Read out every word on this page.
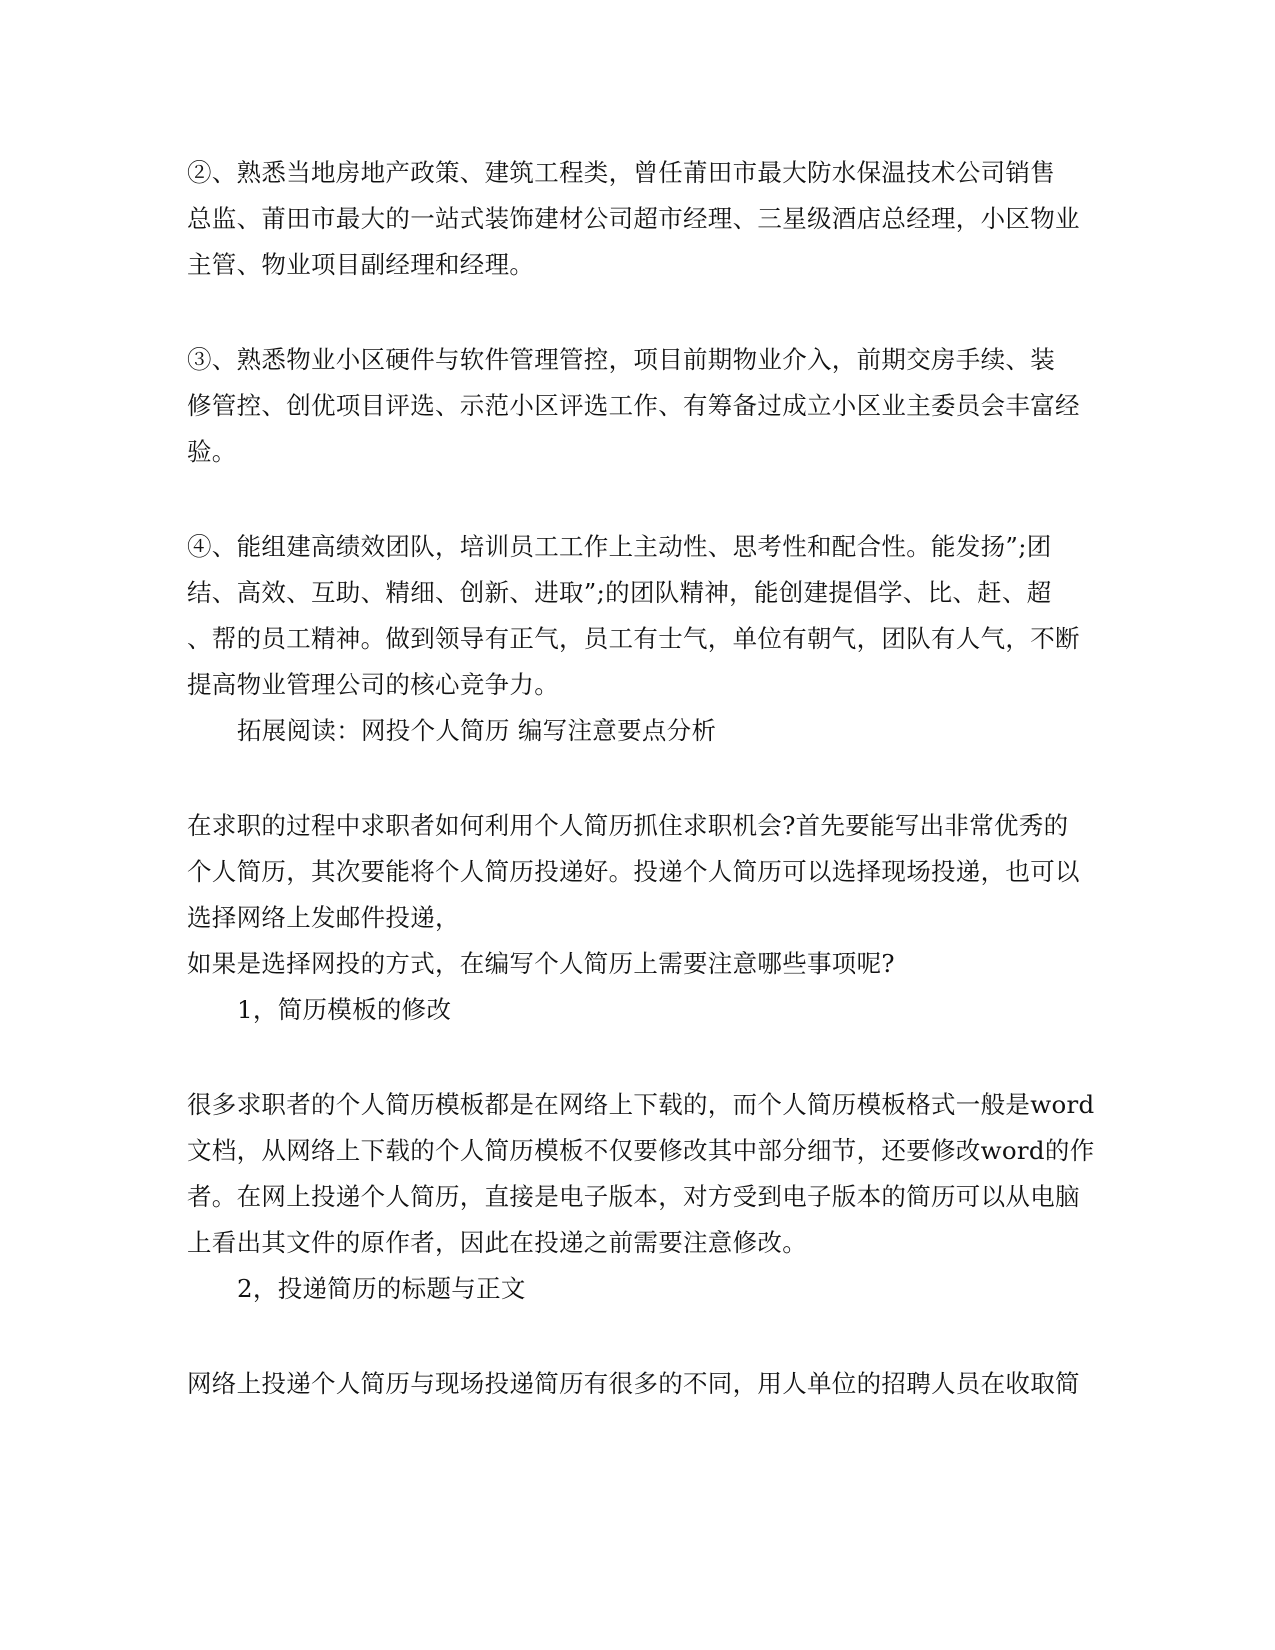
②、熟悉当地房地产政策、建筑工程类，曾任莆田市最大防水保温技术公司销售
总监、莆田市最大的一站式装饰建材公司超市经理、三星级酒店总经理，小区物业
主管、物业项目副经理和经理。
③、熟悉物业小区硬件与软件管理管控，项目前期物业介入，前期交房手续、装
修管控、创优项目评选、示范小区评选工作、有筹备过成立小区业主委员会丰富经
验。
④、能组建高绩效团队，培训员工工作上主动性、思考性和配合性。能发扬”;团
结、高效、互助、精细、创新、进取”;的团队精神，能创建提倡学、比、赶、超
、帮的员工精神。做到领导有正气，员工有士气，单位有朝气，团队有人气，不断
提高物业管理公司的核心竞争力。
拓展阅读：网投个人简历 编写注意要点分析
在求职的过程中求职者如何利用个人简历抓住求职机会?首先要能写出非常优秀的
个人简历，其次要能将个人简历投递好。投递个人简历可以选择现场投递，也可以
选择网络上发邮件投递，
如果是选择网投的方式，在编写个人简历上需要注意哪些事项呢?
1，简历模板的修改
很多求职者的个人简历模板都是在网络上下载的，而个人简历模板格式一般是word
文档，从网络上下载的个人简历模板不仅要修改其中部分细节，还要修改word的作
者。在网上投递个人简历，直接是电子版本，对方受到电子版本的简历可以从电脑
上看出其文件的原作者，因此在投递之前需要注意修改。
2，投递简历的标题与正文
网络上投递个人简历与现场投递简历有很多的不同，用人单位的招聘人员在收取简
